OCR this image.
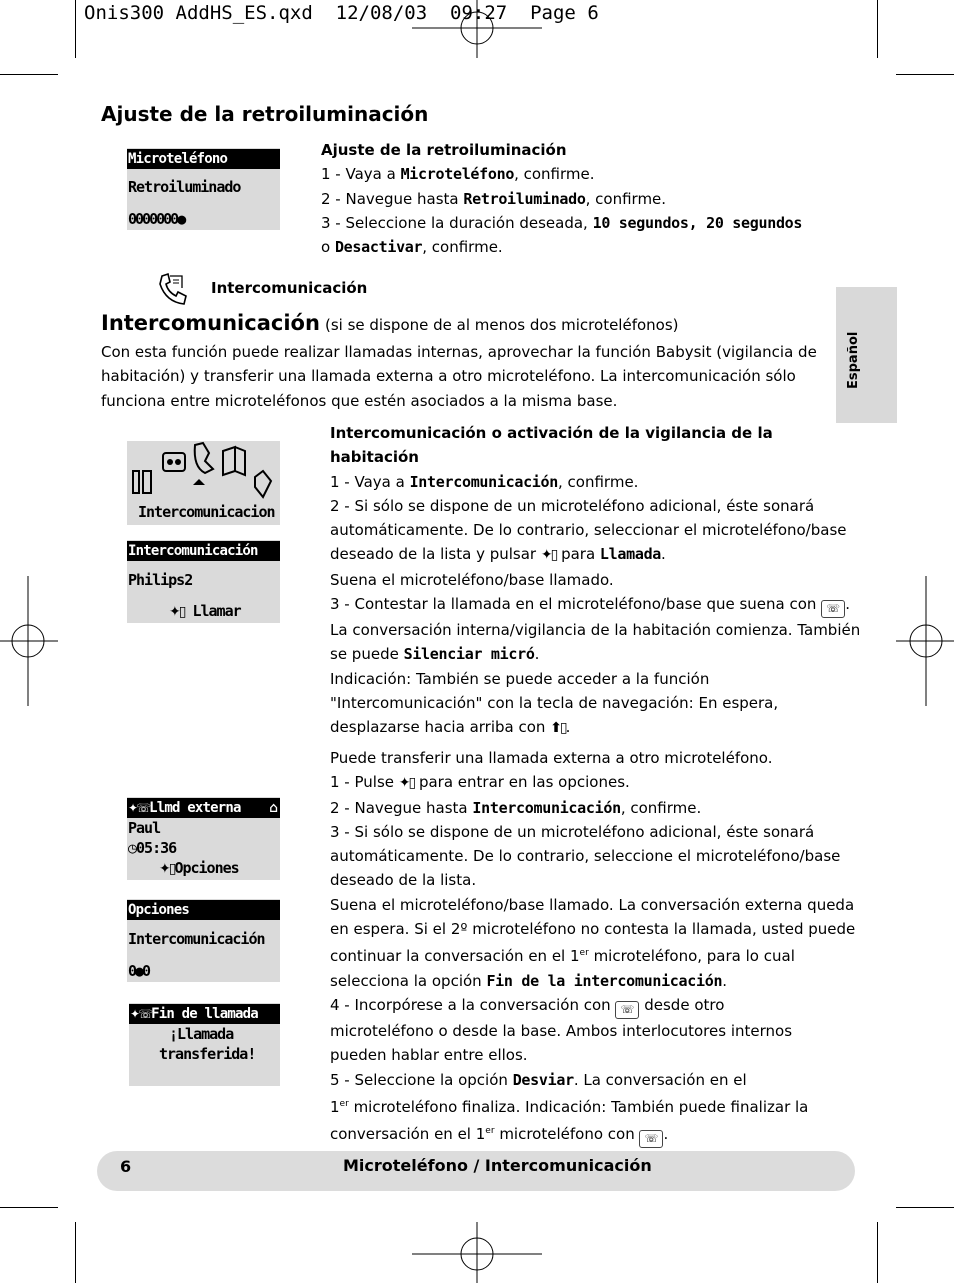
Onis300 AddHS_ES.qxd  12/08/03  09:27  Page 6
Ajuste de la retroiluminación
Microteléfono
Retroiluminado
0000000●
Ajuste de la retroiluminación
1 - Vaya a Microteléfono, confirme.
2 - Navegue hasta Retroiluminado, confirme.
3 - Seleccione la duración deseada, 10 segundos, 20 segundos
o Desactivar, confirme.
Intercomunicación
Español
Intercomunicación (si se dispone de al menos dos microteléfonos)
Con esta función puede realizar llamadas internas, aprovechar la función Babysit (vigilancia de
habitación) y transferir una llamada externa a otro microteléfono. La intercomunicación sólo
funciona entre microteléfonos que estén asociados a la misma base.
Intercomunicacion
Intercomunicación
Philips2
✦▯ Llamar
Intercomunicación o activación de la vigilancia de la
habitación
1 - Vaya a Intercomunicación, confirme.
2 - Si sólo se dispone de un microteléfono adicional, éste sonará
automáticamente. De lo contrario, seleccionar el microteléfono/base
deseado de la lista y pulsar ✦▯ para Llamada.
Suena el microteléfono/base llamado.
3 - Contestar la llamada en el microteléfono/base que suena con ☏ .
La conversación interna/vigilancia de la habitación comienza. También
se puede Silenciar micró.
Indicación: También se puede acceder a la función
"Intercomunicación" con la tecla de navegación: En espera,
desplazarse hacia arriba con ⬆▯.
✦☏Llmd externa ⌂
Paul
◷05:36
✦▯Opciones
Opciones
Intercomunicación
0●0
✦☏Fin de llamada
¡Llamada
transferida!
Puede transferir una llamada externa a otro microteléfono.
1 - Pulse ✦▯ para entrar en las opciones.
2 - Navegue hasta Intercomunicación, confirme.
3 - Si sólo se dispone de un microteléfono adicional, éste sonará
automáticamente. De lo contrario, seleccione el microteléfono/base
deseado de la lista.
Suena el microteléfono/base llamado. La conversación externa queda
en espera. Si el 2º microteléfono no contesta la llamada, usted puede
continuar la conversación en el 1er microteléfono, para lo cual
selecciona la opción Fin de la intercomunicación.
4 - Incorpórese a la conversación con ☏ desde otro
microteléfono o desde la base. Ambos interlocutores internos
pueden hablar entre ellos.
5 - Seleccione la opción Desviar. La conversación en el
1er microteléfono finaliza. Indicación: También puede finalizar la
conversación en el 1er microteléfono con ☏ .
6	Microteléfono / Intercomunicación
